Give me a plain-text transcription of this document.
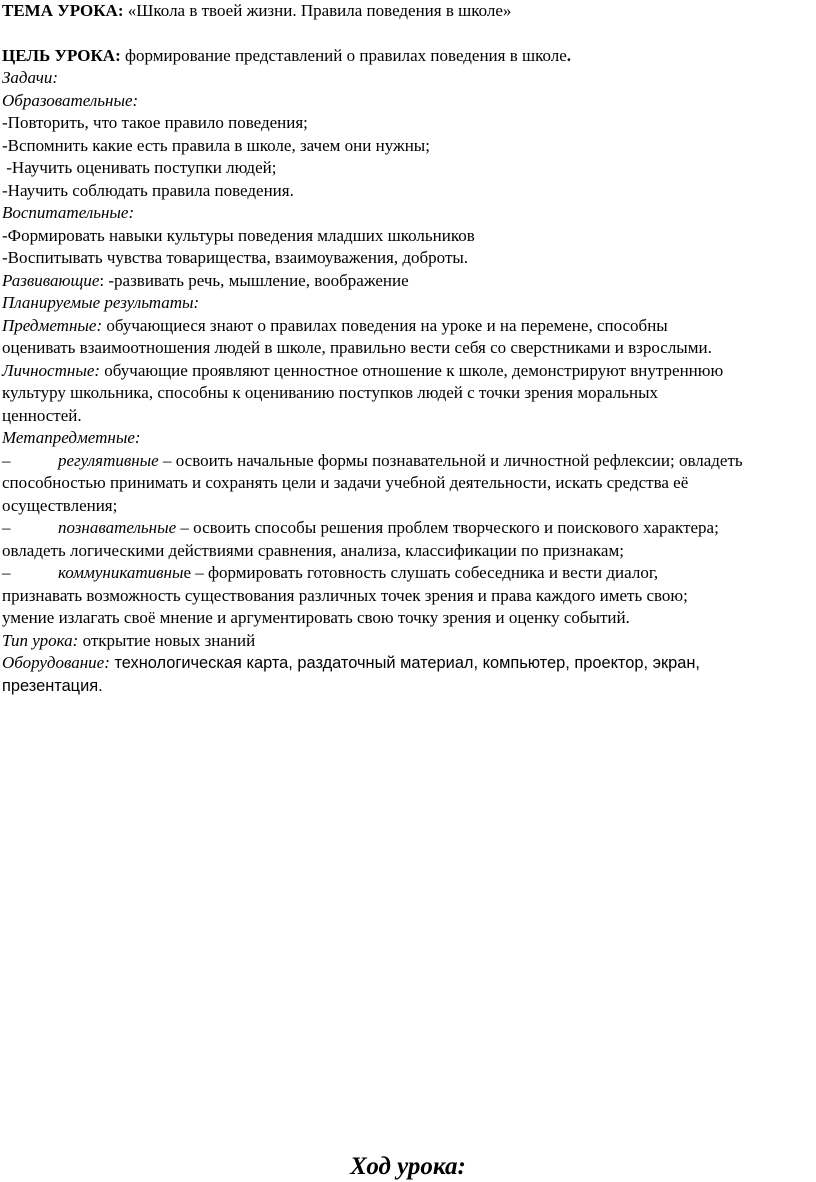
ТЕМА УРОКА: «Школа в твоей жизни. Правила поведения в школе»
ЦЕЛЬ УРОКА: формирование представлений о правилах поведения в школе.
Задачи:
Образовательные:
-Повторить, что такое правило поведения;
-Вспомнить какие есть правила в школе, зачем они нужны;
-Научить оценивать поступки людей;
-Научить соблюдать правила поведения.
Воспитательные:
-Формировать навыки культуры поведения младших школьников
-Воспитывать чувства товарищества, взаимоуважения, доброты.
Развивающие: -развивать речь, мышление, воображение
Планируемые результаты:
Предметные: обучающиеся знают о правилах поведения на уроке и на перемене, способны
оценивать взаимоотношения людей в школе, правильно вести себя со сверстниками и взрослыми.
Личностные: обучающие проявляют ценностное отношение к школе, демонстрируют внутреннюю
культуру школьника, способны к оцениванию поступков людей с точки зрения моральных
ценностей.
Метапредметные:
–	регулятивные – освоить начальные формы познавательной и личностной рефлексии; овладеть
способностью принимать и сохранять цели и задачи учебной деятельности, искать средства её
осуществления;
–	познавательные – освоить способы решения проблем творческого и поискового характера;
овладеть логическими действиями сравнения, анализа, классификации по признакам;
–	коммуникативные – формировать готовность слушать собеседника и вести диалог,
признавать возможность существования различных точек зрения и права каждого иметь свою;
умение излагать своё мнение и аргументировать свою точку зрения и оценку событий.
Тип урока: открытие новых знаний
Оборудование: технологическая карта, раздаточный материал, компьютер, проектор, экран,
презентация.
Ход урока:
